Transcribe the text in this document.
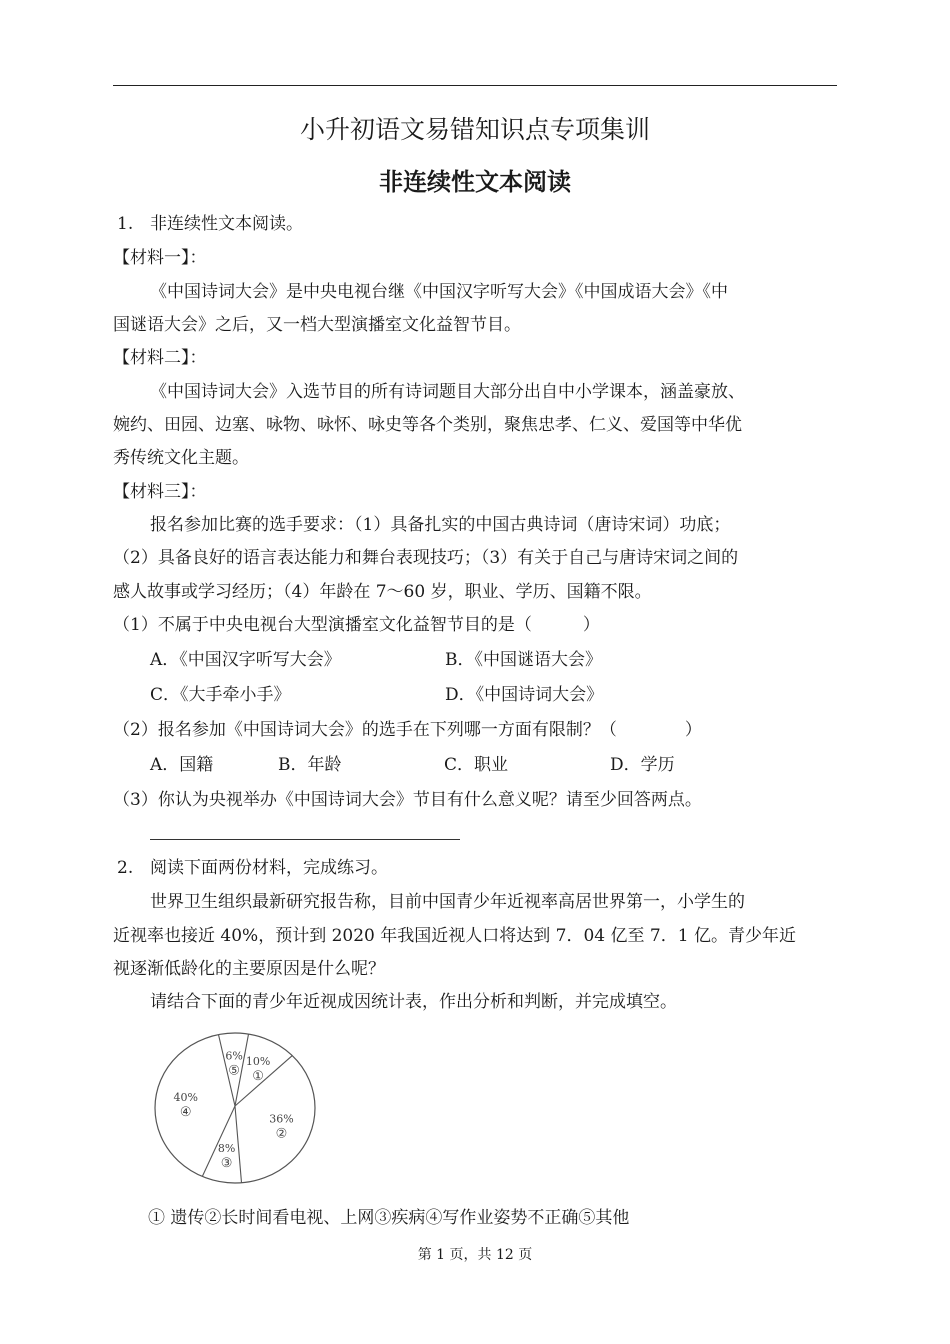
小升初语文易错知识点专项集训
非连续性文本阅读
1. 非连续性文本阅读。
【材料一】：
《中国诗词大会》是中央电视台继《中国汉字听写大会》《中国成语大会》《中
国谜语大会》之后，又一档大型演播室文化益智节目。
【材料二】：
《中国诗词大会》入选节目的所有诗词题目大部分出自中小学课本，涵盖豪放、
婉约、田园、边塞、咏物、咏怀、咏史等各个类别，聚焦忠孝、仁义、爱国等中华优
秀传统文化主题。
【材料三】：
报名参加比赛的选手要求：（1）具备扎实的中国古典诗词（唐诗宋词）功底；
（2）具备良好的语言表达能力和舞台表现技巧；（3）有关于自己与唐诗宋词之间的
感人故事或学习经历；（4）年龄在 7～60 岁，职业、学历、国籍不限。
（1）不属于中央电视台大型演播室文化益智节目的是（　　　）
A．《中国汉字听写大会》	B．《中国谜语大会》
C．《大手牵小手》	D．《中国诗词大会》
（2）报名参加《中国诗词大会》的选手在下列哪一方面有限制？（　　　　）
A．国籍	B．年龄	C．职业	D．学历
（3）你认为央视举办《中国诗词大会》节目有什么意义呢？请至少回答两点。
2. 阅读下面两份材料，完成练习。
世界卫生组织最新研究报告称，目前中国青少年近视率高居世界第一，小学生的
近视率也接近 40%，预计到 2020 年我国近视人口将达到 7．04 亿至 7．1 亿。青少年近
视逐渐低龄化的主要原因是什么呢？
请结合下面的青少年近视成因统计表，作出分析和判断，并完成填空。
6%
⑤
10%
①
36%
②
8%
③
40%
④
① 遗传②长时间看电视、上网③疾病④写作业姿势不正确⑤其他
第 1 页，共 12 页
